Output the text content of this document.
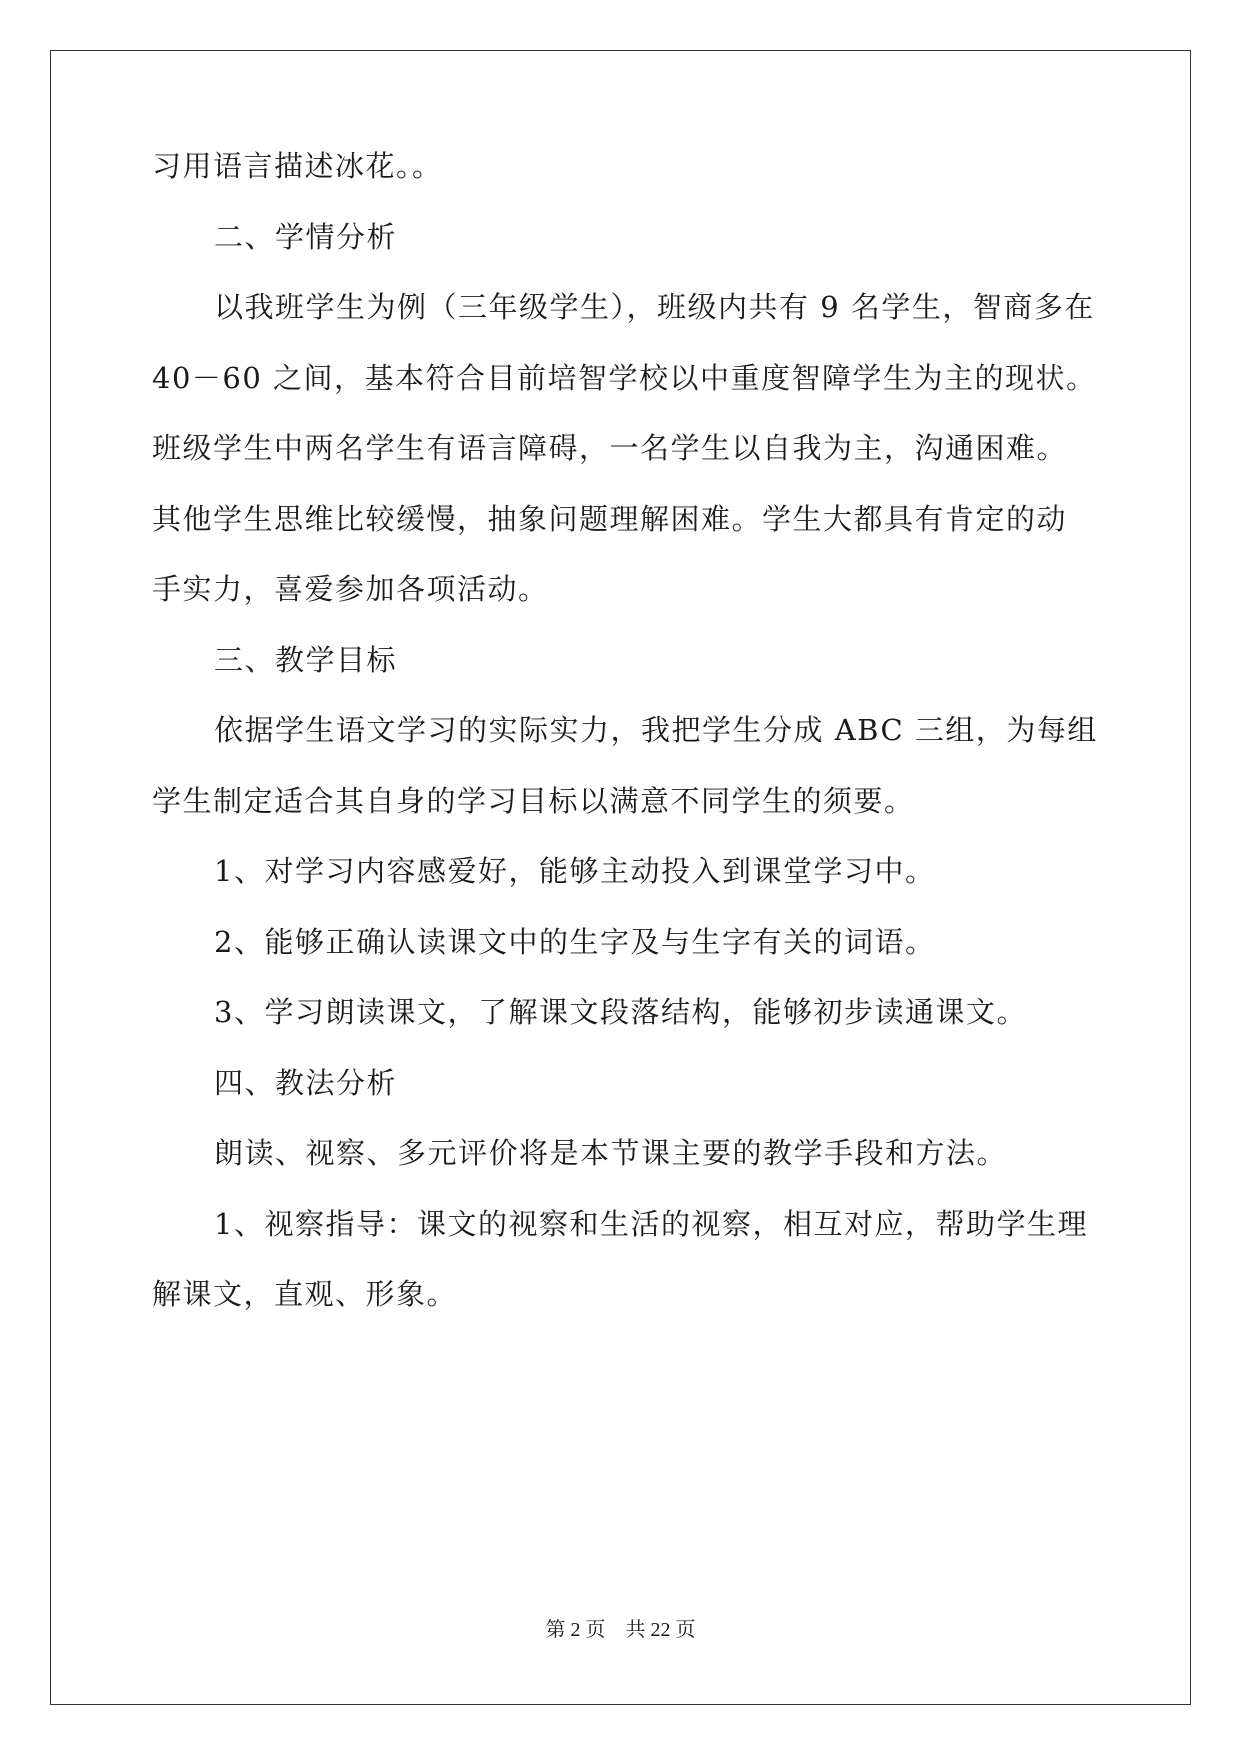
习用语言描述冰花。。
二、学情分析
以我班学生为例（三年级学生），班级内共有 9 名学生，智商多在
40－60 之间，基本符合目前培智学校以中重度智障学生为主的现状。
班级学生中两名学生有语言障碍，一名学生以自我为主，沟通困难。
其他学生思维比较缓慢，抽象问题理解困难。学生大都具有肯定的动
手实力，喜爱参加各项活动。
三、教学目标
依据学生语文学习的实际实力，我把学生分成 ABC 三组，为每组
学生制定适合其自身的学习目标以满意不同学生的须要。
1、对学习内容感爱好，能够主动投入到课堂学习中。
2、能够正确认读课文中的生字及与生字有关的词语。
3、学习朗读课文，了解课文段落结构，能够初步读通课文。
四、教法分析
朗读、视察、多元评价将是本节课主要的教学手段和方法。
1、视察指导：课文的视察和生活的视察，相互对应，帮助学生理
解课文，直观、形象。
第 2 页　共 22 页
